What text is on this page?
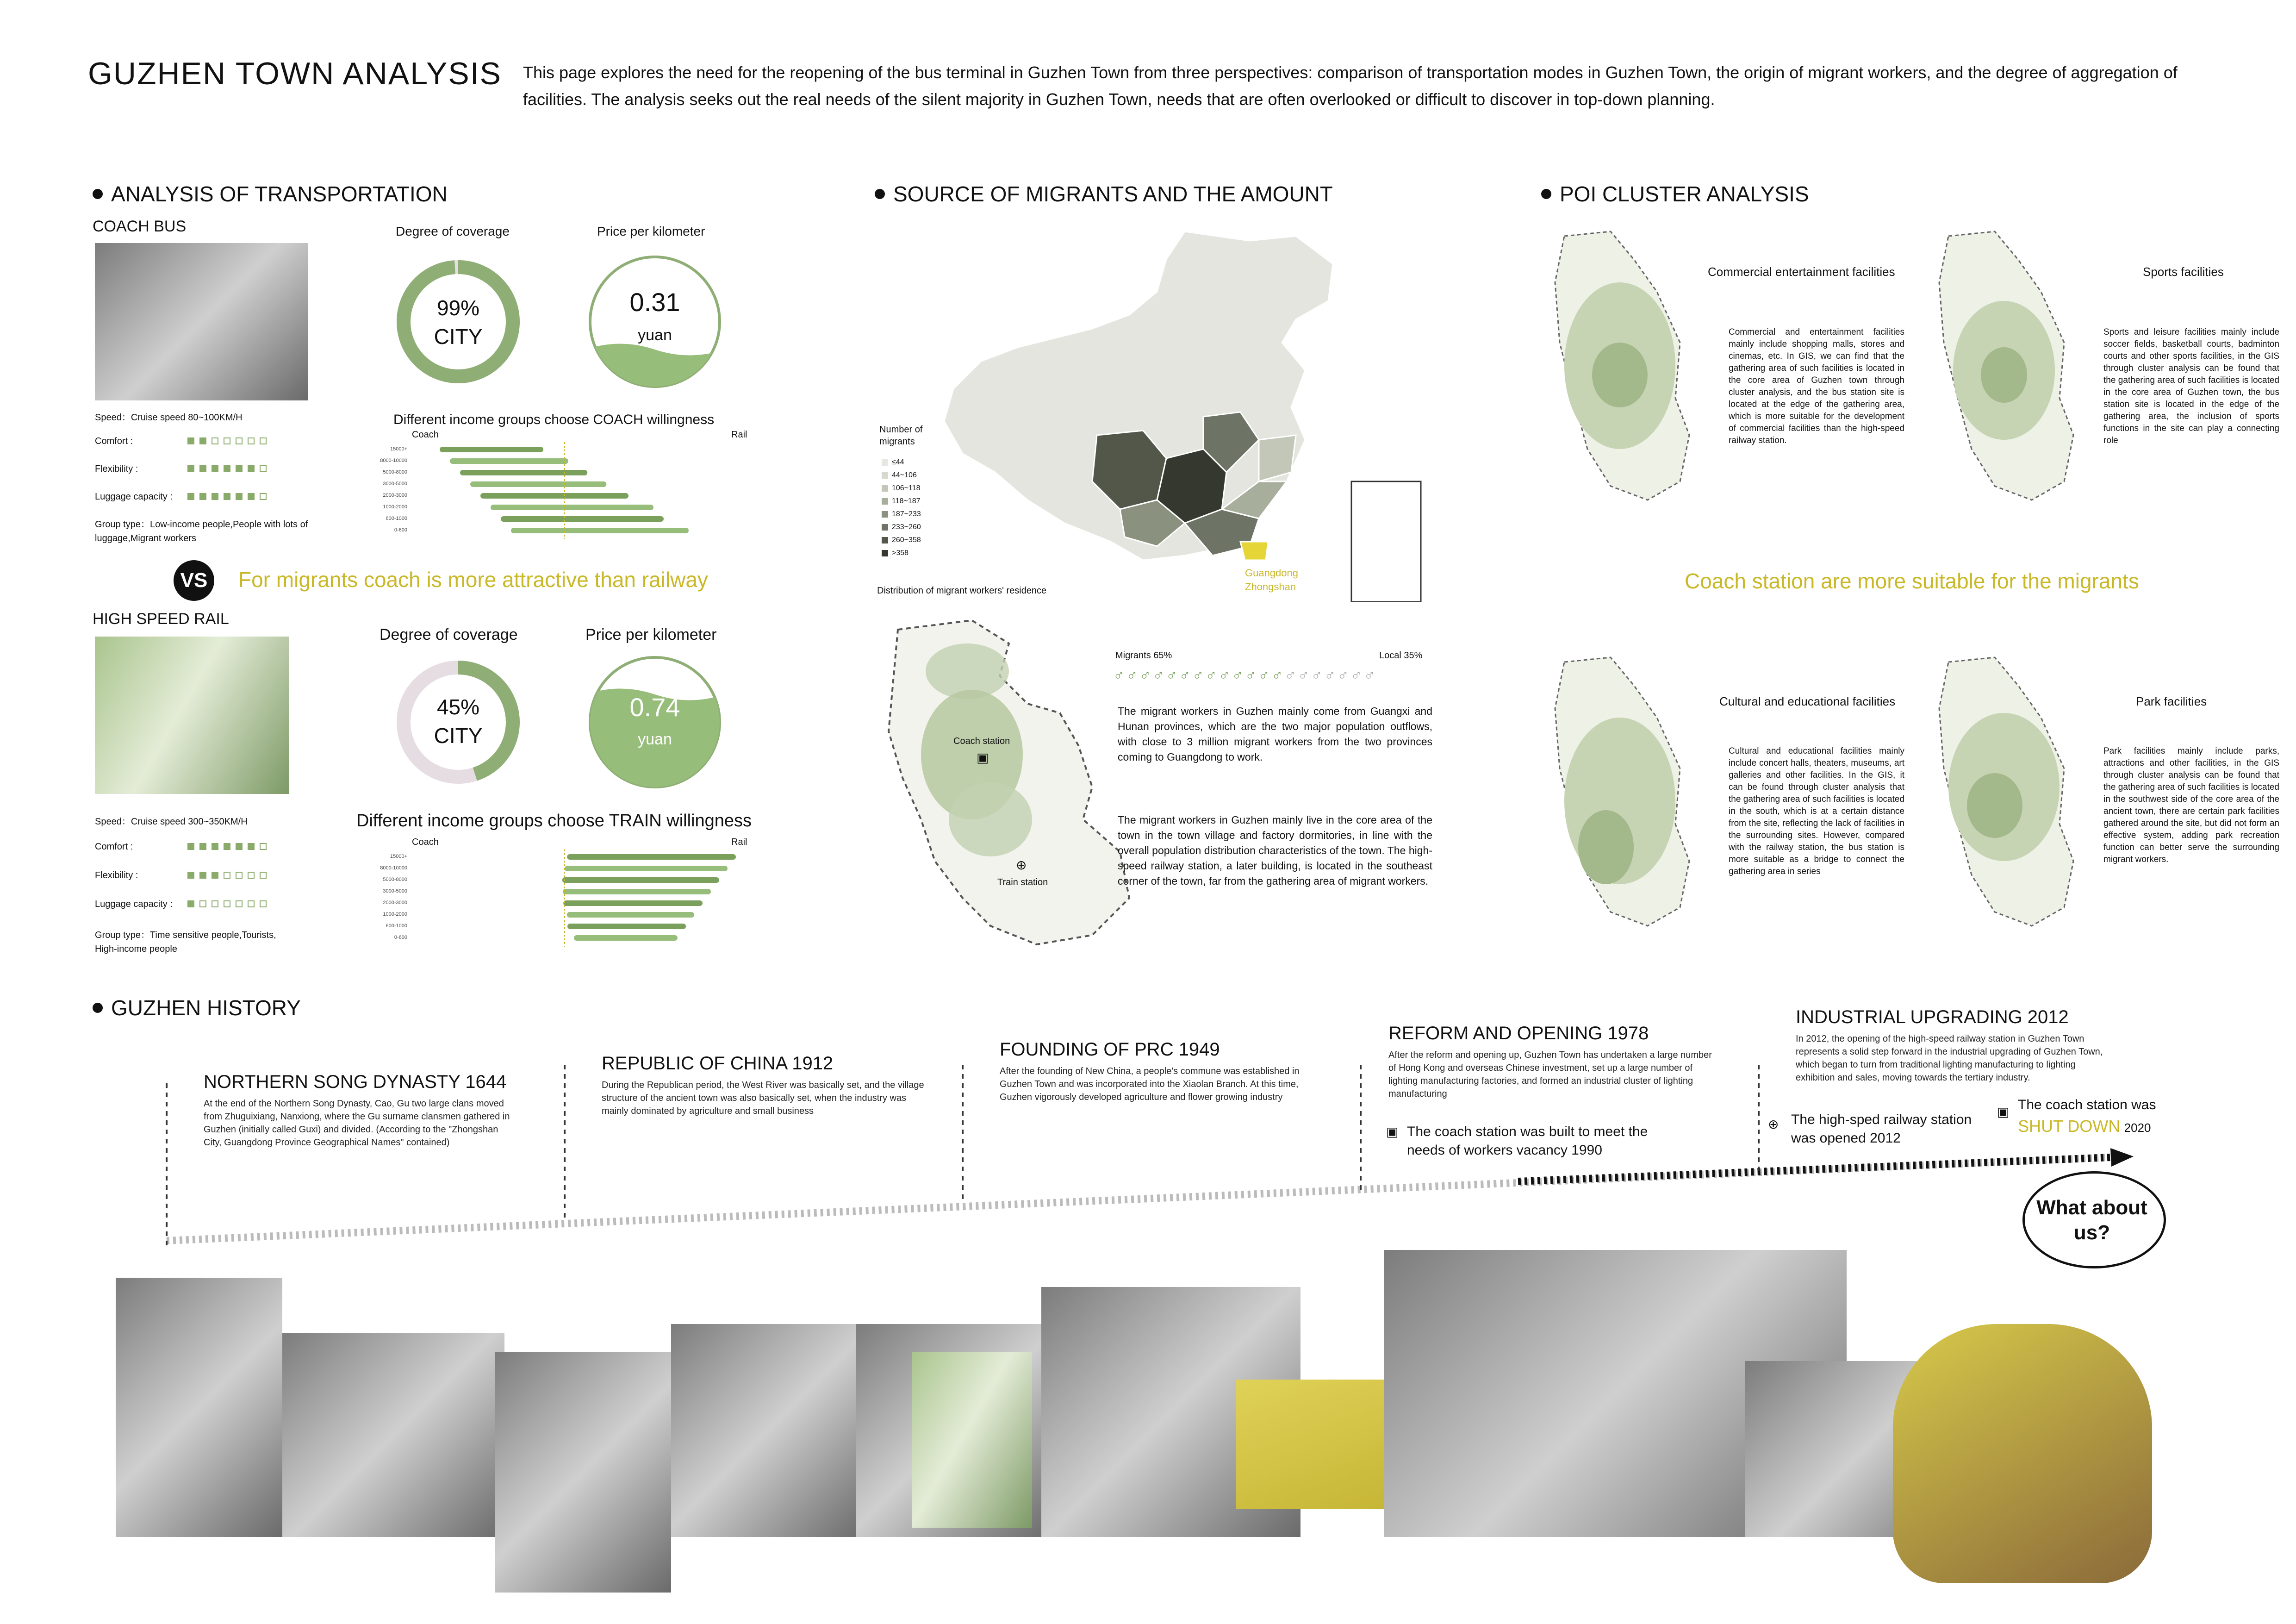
GUZHEN TOWN ANALYSIS This page explores the need for the reopening of the bus terminal in Guzhen Town from three perspectives: comparison of transportation modes in Guzhen Town, the origin of migrant workers, and the degree of aggregation of facilities. The analysis seeks out the real needs of the silent majority in Guzhen Town, needs that are often overlooked or difficult to discover in top-down planning.
ANALYSIS OF TRANSPORTATION
COACH BUS
Speed：Cruise speed 80~100KM/H
Comfort :
Flexibility :
Luggage capacity :
Group type：Low-income people,People with lots of luggage,Migrant workers
Degree of coverage
99%
CITY
Price per kilometer
0.31
yuan
Different income groups choose COACH willingness
Coach	Rail
15000+
8000-10000
5000-8000
3000-5000
2000-3000
1000-2000
600-1000
0-600
VS	For migrants coach is more attractive than railway
HIGH SPEED RAIL
Speed：Cruise speed 300~350KM/H
Comfort :
Flexibility :
Luggage capacity :
Group type：Time sensitive people,Tourists, High-income people
Degree of coverage
45%
CITY
Price per kilometer
0.74
yuan
Different income groups choose TRAIN willingness
Coach	Rail
15000+
8000-10000
5000-8000
3000-5000
2000-3000
1000-2000
600-1000
0-600
SOURCE OF MIGRANTS AND THE AMOUNT
Guangdong
Zhongshan
Number of migrants
≤44
44~106
106~118
118~187
187~233
233~260
260~358
>358
Distribution of migrant workers' residence
Coach station
▣
⊕
Train station
Migrants 65%	Local 35%
♂♂♂♂♂♂♂♂♂♂♂♂♂♂♂♂♂♂♂♂
The migrant workers in Guzhen mainly come from Guangxi and Hunan provinces, which are the two major population outflows, with close to 3 million migrant workers from the two provinces coming to Guangdong to work.
The migrant workers in Guzhen mainly live in the core area of the town in the town village and factory dormitories, in line with the overall population distribution characteristics of the town. The high-speed railway station, a later building, is located in the southeast corner of the town, far from the gathering area of migrant workers.
POI CLUSTER ANALYSIS
Commercial entertainment facilities
Commercial and entertainment facilities mainly include shopping malls, stores and cinemas, etc. In GIS, we can find that the gathering area of such facilities is located in the core area of Guzhen town through cluster analysis, and the bus station site is located at the edge of the gathering area, which is more suitable for the development of commercial facilities than the high-speed railway station.
Sports facilities
Sports and leisure facilities mainly include soccer fields, basketball courts, badminton courts and other sports facilities, in the GIS through cluster analysis can be found that the gathering area of such facilities is located in the core area of Guzhen town, the bus station site is located in the edge of the gathering area, the inclusion of sports functions in the site can play a connecting role
Coach station are more suitable for the migrants
Cultural and educational facilities
Cultural and educational facilities mainly include concert halls, theaters, museums, art galleries and other facilities. In the GIS, it can be found through cluster analysis that the gathering area of such facilities is located in the south, which is at a certain distance from the site, reflecting the lack of facilities in the surrounding sites. However, compared with the railway station, the bus station is more suitable as a bridge to connect the gathering area in series
Park facilities
Park facilities mainly include parks, attractions and other facilities, in the GIS through cluster analysis can be found that the gathering area of such facilities is located in the southwest side of the core area of the ancient town, there are certain park facilities gathered around the site, but did not form an effective system, adding park recreation function can better serve the surrounding migrant workers.
GUZHEN HISTORY
NORTHERN SONG DYNASTY 1644
At the end of the Northern Song Dynasty, Cao, Gu two large clans moved from Zhuguixiang, Nanxiong, where the Gu surname clansmen gathered in Guzhen (initially called Guxi) and divided. (According to the "Zhongshan City, Guangdong Province Geographical Names" contained)
REPUBLIC OF CHINA 1912
During the Republican period, the West River was basically set, and the village structure of the ancient town was also basically set, when the industry was mainly dominated by agriculture and small business
FOUNDING OF PRC 1949
After the founding of New China, a people's commune was established in Guzhen Town and was incorporated into the Xiaolan Branch. At this time, Guzhen vigorously developed agriculture and flower growing industry
REFORM AND OPENING 1978
After the reform and opening up, Guzhen Town has undertaken a large number of Hong Kong and overseas Chinese investment, set up a large number of lighting manufacturing factories, and formed an industrial cluster of lighting manufacturing
▣ The coach station was built to meet the needs of workers vacancy 1990
INDUSTRIAL UPGRADING 2012
In 2012, the opening of the high-speed railway station in Guzhen Town represents a solid step forward in the industrial upgrading of Guzhen Town, which began to turn from traditional lighting manufacturing to lighting exhibition and sales, moving towards the tertiary industry.
⊕ The high-sped railway station
was opened 2012
▣ The coach station was
SHUT DOWN 2020
What about us?
